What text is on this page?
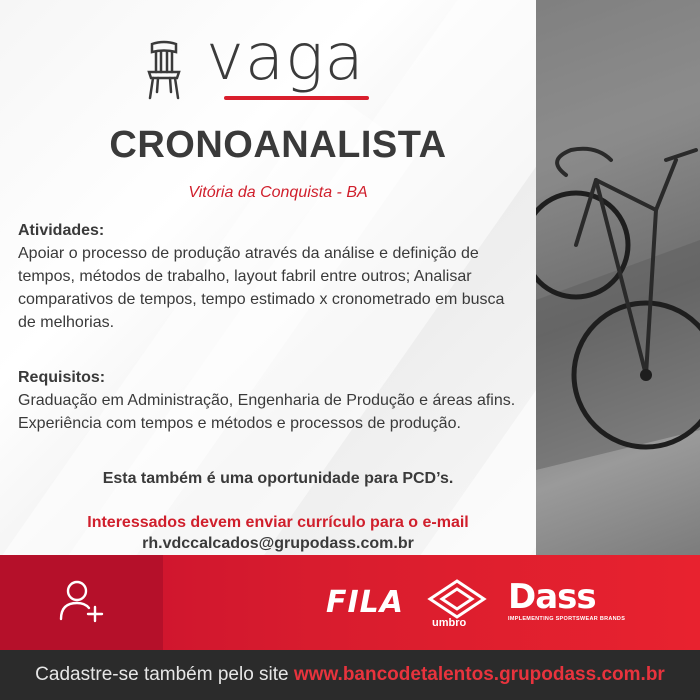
vaga
CRONOANALISTA
Vitória da Conquista - BA
Atividades:
Apoiar o processo de produção através da análise e definição de tempos, métodos de trabalho, layout fabril entre outros; Analisar comparativos de tempos, tempo estimado x cronometrado em busca de melhorias.
Requisitos:
Graduação em Administração, Engenharia de Produção e áreas afins. Experiência com tempos e métodos e processos de produção.
Esta também é uma oportunidade para PCD’s.
Interessados devem enviar currículo para o e-mail
rh.vdccalcados@grupodass.com.br
FILA
umbro
Dass
IMPLEMENTING SPORTSWEAR BRANDS
Cadastre-se também pelo site www.bancodetalentos.grupodass.com.br
